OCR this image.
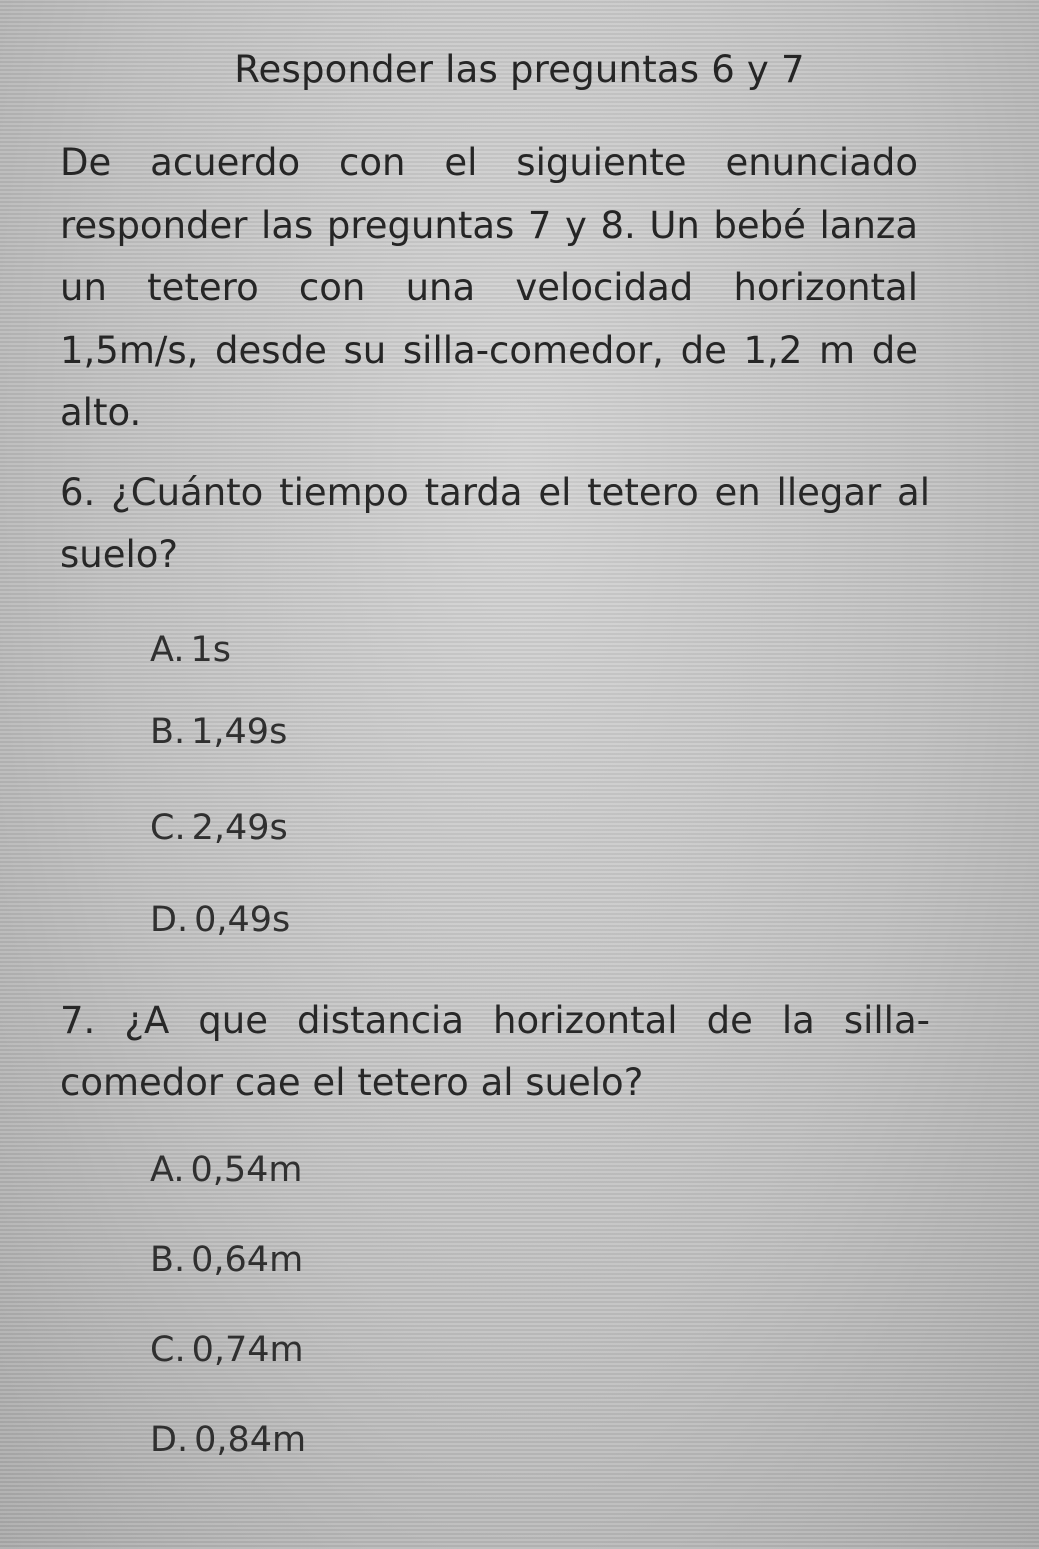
Responder las preguntas 6 y 7
De acuerdo con el siguiente enunciado responder las preguntas 7 y 8. Un bebé lanza un tetero con una velocidad horizontal 1,5m/s, desde su silla-comedor, de 1,2 m de alto.
6. ¿Cuánto tiempo tarda el tetero en llegar al suelo?
A. 1s
B. 1,49s
C. 2,49s
D. 0,49s
7. ¿A que distancia horizontal de la silla-comedor cae el tetero al suelo?
A. 0,54m
B. 0,64m
C. 0,74m
D. 0,84m
